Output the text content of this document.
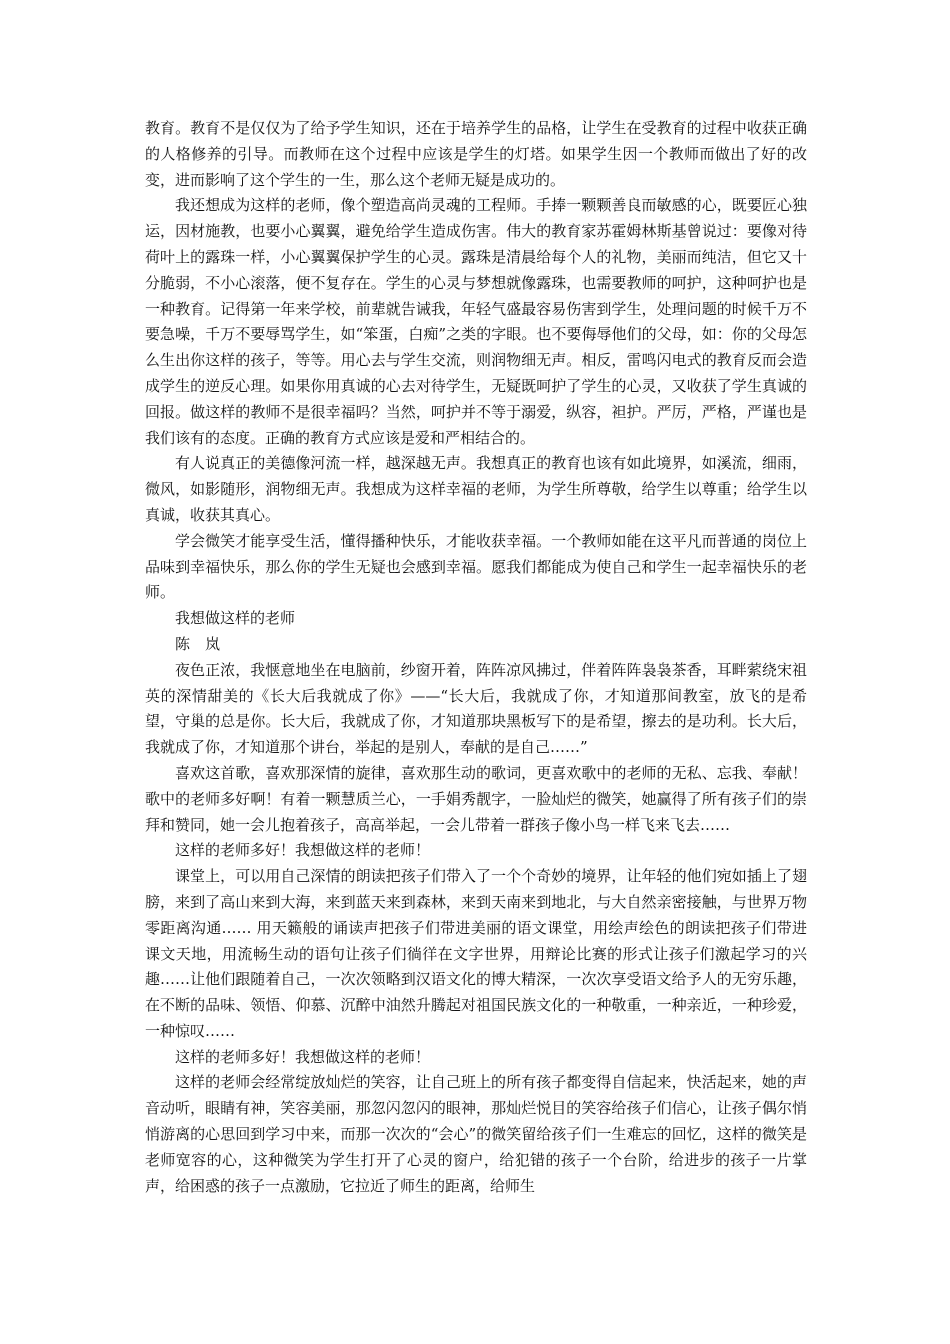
教育。教育不是仅仅为了给予学生知识，还在于培养学生的品格，让学生在受教育的过程中收获正确的人格修养的引导。而教师在这个过程中应该是学生的灯塔。如果学生因一个教师而做出了好的改变，进而影响了这个学生的一生，那么这个老师无疑是成功的。

我还想成为这样的老师，像个塑造高尚灵魂的工程师。手捧一颗颗善良而敏感的心，既要匠心独运，因材施教，也要小心翼翼，避免给学生造成伤害。伟大的教育家苏霍姆林斯基曾说过：要像对待荷叶上的露珠一样，小心翼翼保护学生的心灵。露珠是清晨给每个人的礼物，美丽而纯洁，但它又十分脆弱，不小心滚落，便不复存在。学生的心灵与梦想就像露珠，也需要教师的呵护，这种呵护也是一种教育。记得第一年来学校，前辈就告诫我，年轻气盛最容易伤害到学生，处理问题的时候千万不要急噪，千万不要辱骂学生，如“笨蛋，白痴”之类的字眼。也不要侮辱他们的父母，如：你的父母怎么生出你这样的孩子，等等。用心去与学生交流，则润物细无声。相反，雷鸣闪电式的教育反而会造成学生的逆反心理。如果你用真诚的心去对待学生，无疑既呵护了学生的心灵，又收获了学生真诚的回报。做这样的教师不是很幸福吗？当然，呵护并不等于溺爱，纵容，袒护。严厉，严格，严谨也是我们该有的态度。正确的教育方式应该是爱和严相结合的。

有人说真正的美德像河流一样，越深越无声。我想真正的教育也该有如此境界，如溪流，细雨，微风，如影随形，润物细无声。我想成为这样幸福的老师，为学生所尊敬，给学生以尊重；给学生以真诚，收获其真心。

学会微笑才能享受生活，懂得播种快乐，才能收获幸福。一个教师如能在这平凡而普通的岗位上品味到幸福快乐，那么你的学生无疑也会感到幸福。愿我们都能成为使自己和学生一起幸福快乐的老师。

我想做这样的老师

陈　岚

夜色正浓，我惬意地坐在电脑前，纱窗开着，阵阵凉风拂过，伴着阵阵袅袅茶香，耳畔萦绕宋祖英的深情甜美的《长大后我就成了你》——“长大后，我就成了你，才知道那间教室，放飞的是希望，守巢的总是你。长大后，我就成了你，才知道那块黑板写下的是希望，擦去的是功利。长大后，我就成了你，才知道那个讲台，举起的是别人，奉献的是自己……”

喜欢这首歌，喜欢那深情的旋律，喜欢那生动的歌词，更喜欢歌中的老师的无私、忘我、奉献！歌中的老师多好啊！有着一颗慧质兰心，一手娟秀靓字，一脸灿烂的微笑，她赢得了所有孩子们的崇拜和赞同，她一会儿抱着孩子，高高举起，一会儿带着一群孩子像小鸟一样飞来飞去……

这样的老师多好！我想做这样的老师！

课堂上，可以用自己深情的朗读把孩子们带入了一个个奇妙的境界，让年轻的他们宛如插上了翅膀，来到了高山来到大海，来到蓝天来到森林，来到天南来到地北，与大自然亲密接触，与世界万物零距离沟通…… 用天籁般的诵读声把孩子们带进美丽的语文课堂，用绘声绘色的朗读把孩子们带进课文天地，用流畅生动的语句让孩子们徜徉在文字世界，用辩论比赛的形式让孩子们激起学习的兴趣……让他们跟随着自己，一次次领略到汉语文化的博大精深，一次次享受语文给予人的无穷乐趣，在不断的品味、领悟、仰慕、沉醉中油然升腾起对祖国民族文化的一种敬重，一种亲近，一种珍爱，一种惊叹……

这样的老师多好！我想做这样的老师！

这样的老师会经常绽放灿烂的笑容，让自己班上的所有孩子都变得自信起来，快活起来，她的声音动听，眼睛有神，笑容美丽，那忽闪忽闪的眼神，那灿烂悦目的笑容给孩子们信心，让孩子偶尔悄悄游离的心思回到学习中来，而那一次次的“会心”的微笑留给孩子们一生难忘的回忆，这样的微笑是老师宽容的心，这种微笑为学生打开了心灵的窗户，给犯错的孩子一个台阶，给进步的孩子一片掌声，给困惑的孩子一点激励，它拉近了师生的距离，给师生
